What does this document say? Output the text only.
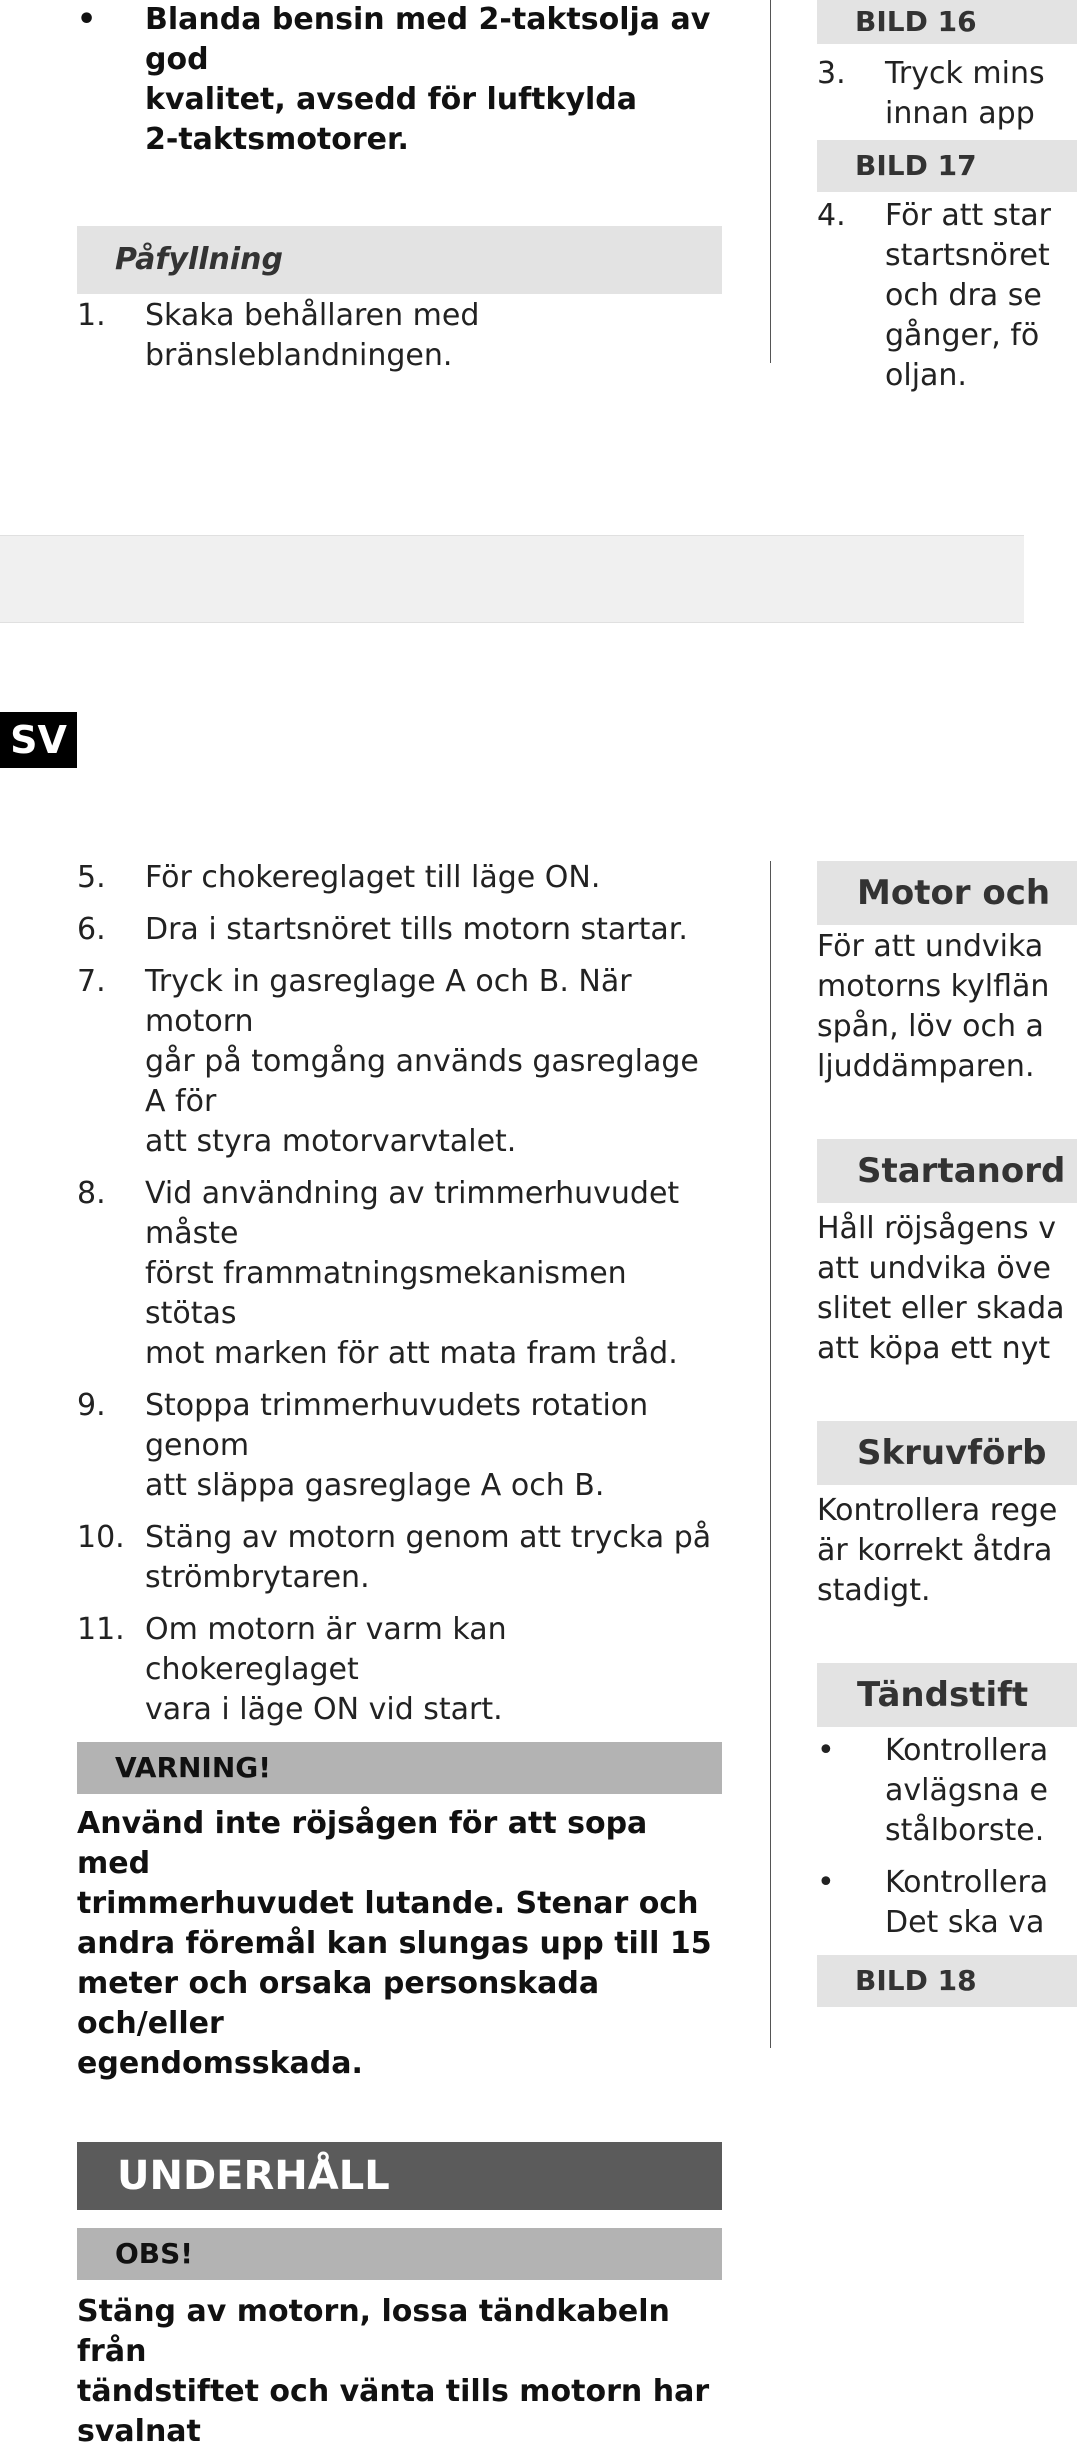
• Blanda bensin med 2-taktsolja av god
kvalitet, avsedd för luftkylda
2-taktsmotorer.
Påfyllning
1. Skaka behållaren med
bränsleblandningen.
BILD 16
3. Tryck mins
innan app
BILD 17
4. För att star
startsnöret
och dra se
gånger, fö
oljan.
SV
5. För chokereglaget till läge ON.
6. Dra i startsnöret tills motorn startar.
7. Tryck in gasreglage A och B. När motorn
går på tomgång används gasreglage A för
att styra motorvarvtalet.
8. Vid användning av trimmerhuvudet måste
först frammatningsmekanismen stötas
mot marken för att mata fram tråd.
9. Stoppa trimmerhuvudets rotation genom
att släppa gasreglage A och B.
10. Stäng av motorn genom att trycka på
strömbrytaren.
11. Om motorn är varm kan chokereglaget
vara i läge ON vid start.
VARNING!
Använd inte röjsågen för att sopa med
trimmerhuvudet lutande. Stenar och
andra föremål kan slungas upp till 15
meter och orsaka personskada och/eller
egendomsskada.
UNDERHÅLL
OBS!
Stäng av motorn, lossa tändkabeln från
tändstiftet och vänta tills motorn har svalnat
Motor och
För att undvika
motorns kylflän
spån, löv och a
ljuddämparen.
Startanord
Håll röjsågens v
att undvika öve
slitet eller skada
att köpa ett nyt
Skruvförb
Kontrollera rege
är korrekt åtdra
stadigt.
Tändstift
• Kontrollera
avlägsna e
stålborste.
• Kontrollera
Det ska va
BILD 18
